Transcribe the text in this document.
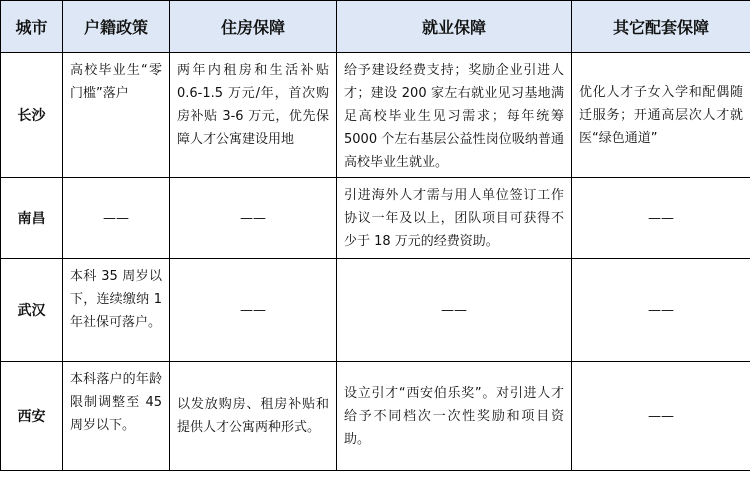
城市	户籍政策	住房保障	就业保障	其它配套保障
长沙	高校毕业生“零门槛”落户	两年内租房和生活补贴 0.6-1.5 万元/年，首次购房补贴 3-6 万元，优先保障人才公寓建设用地	给予建设经费支持；奖励企业引进人才；建设 200 家左右就业见习基地满足高校毕业生见习需求；每年统筹 5000 个左右基层公益性岗位吸纳普通高校毕业生就业。	优化人才子女入学和配偶随迁服务；开通高层次人才就医“绿色通道”

南昌	——	——	引进海外人才需与用人单位签订工作协议一年及以上，团队项目可获得不少于 18 万元的经费资助。	——
武汉	本科 35 周岁以下，连续缴纳 1 年社保可落户。	——	——	——
西安	本科落户的年龄限制调整至 45 周岁以下。	以发放购房、租房补贴和提供人才公寓两种形式。	设立引才“西安伯乐奖”。对引进人才给予不同档次一次性奖励和项目资助。	——
